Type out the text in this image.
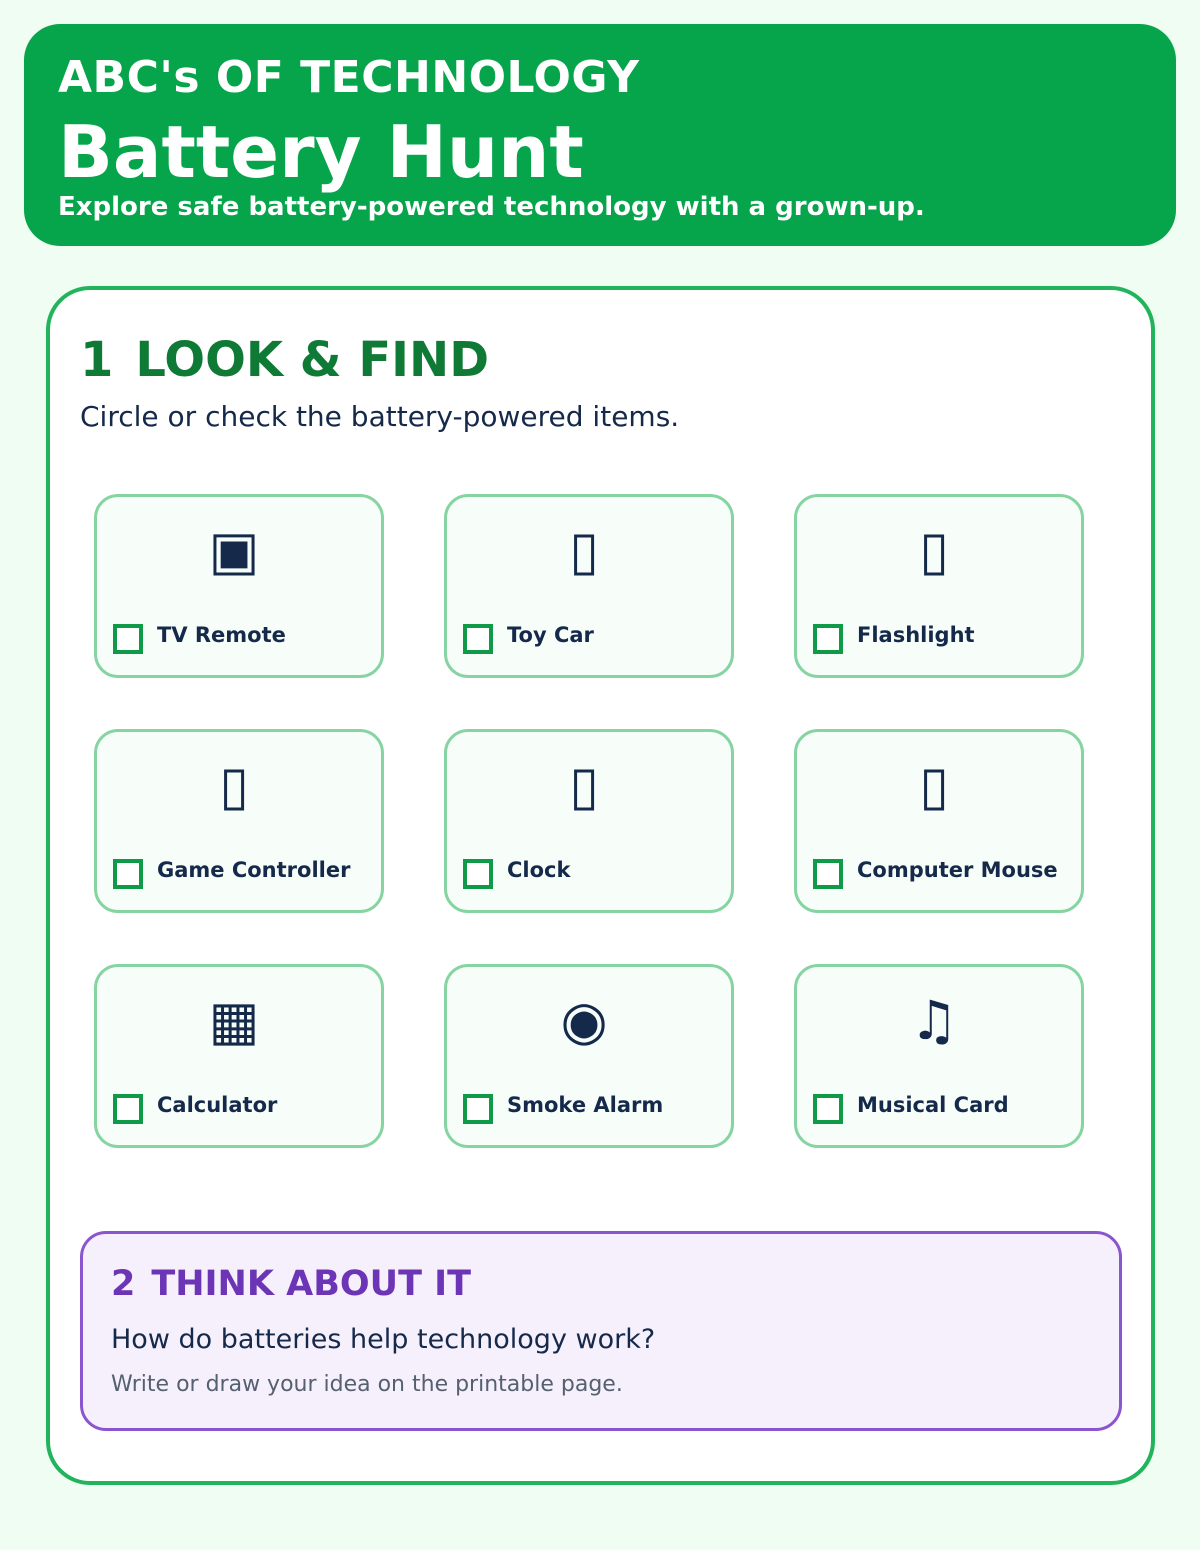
ABC's OF TECHNOLOGY
Battery Hunt
Explore safe battery-powered technology with a grown-up.
1 LOOK & FIND
Circle or check the battery-powered items.
▣
TV Remote
▯
Toy Car
▯
Flashlight
▯
Game Controller
▯
Clock
▯
Computer Mouse
▦
Calculator
◉
Smoke Alarm
♫
Musical Card
2 THINK ABOUT IT
How do batteries help technology work?
Write or draw your idea on the printable page.
